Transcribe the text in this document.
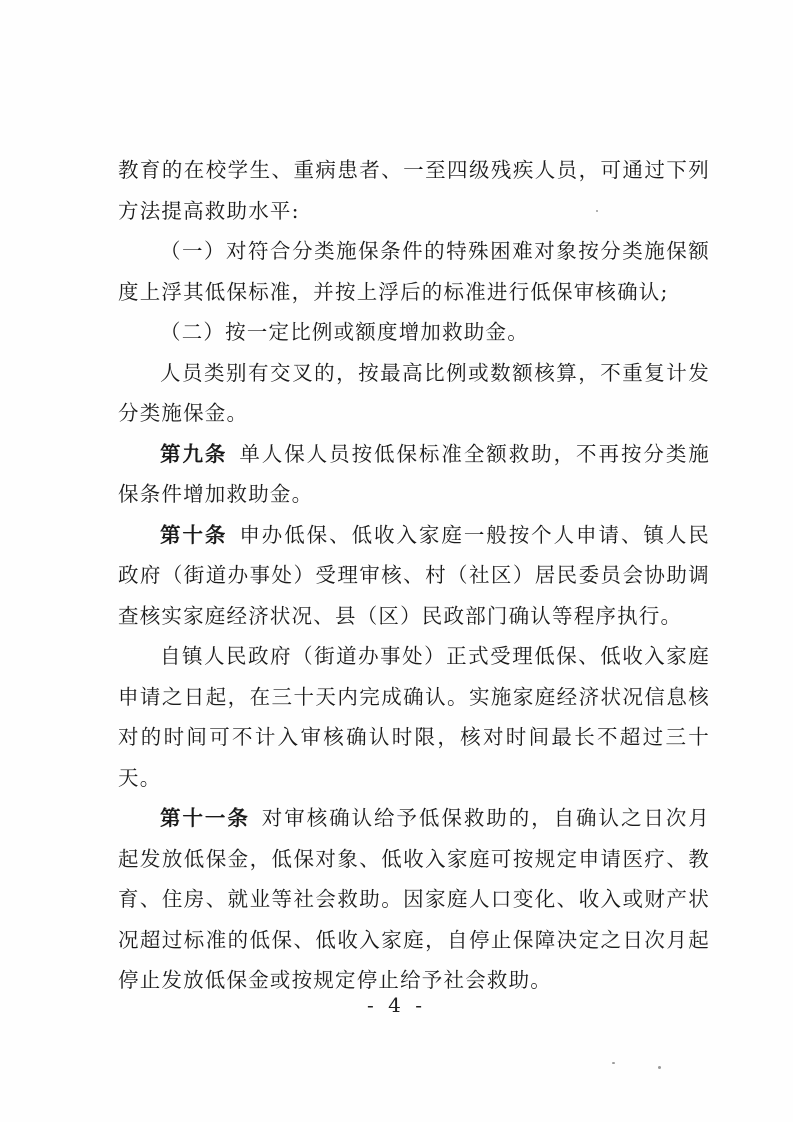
教育的在校学生、重病患者、一至四级残疾人员，可通过下列方法提高救助水平:

（一）对符合分类施保条件的特殊困难对象按分类施保额度上浮其低保标准，并按上浮后的标准进行低保审核确认;

（二）按一定比例或额度增加救助金。

人员类别有交叉的，按最高比例或数额核算，不重复计发分类施保金。

第九条 单人保人员按低保标准全额救助，不再按分类施保条件增加救助金。

第十条 申办低保、低收入家庭一般按个人申请、镇人民政府（街道办事处）受理审核、村（社区）居民委员会协助调查核实家庭经济状况、县（区）民政部门确认等程序执行。

自镇人民政府（街道办事处）正式受理低保、低收入家庭申请之日起，在三十天内完成确认。实施家庭经济状况信息核对的时间可不计入审核确认时限，核对时间最长不超过三十天。

第十一条 对审核确认给予低保救助的，自确认之日次月起发放低保金，低保对象、低收入家庭可按规定申请医疗、教育、住房、就业等社会救助。因家庭人口变化、收入或财产状况超过标准的低保、低收入家庭，自停止保障决定之日次月起停止发放低保金或按规定停止给予社会救助。

- 4 -
